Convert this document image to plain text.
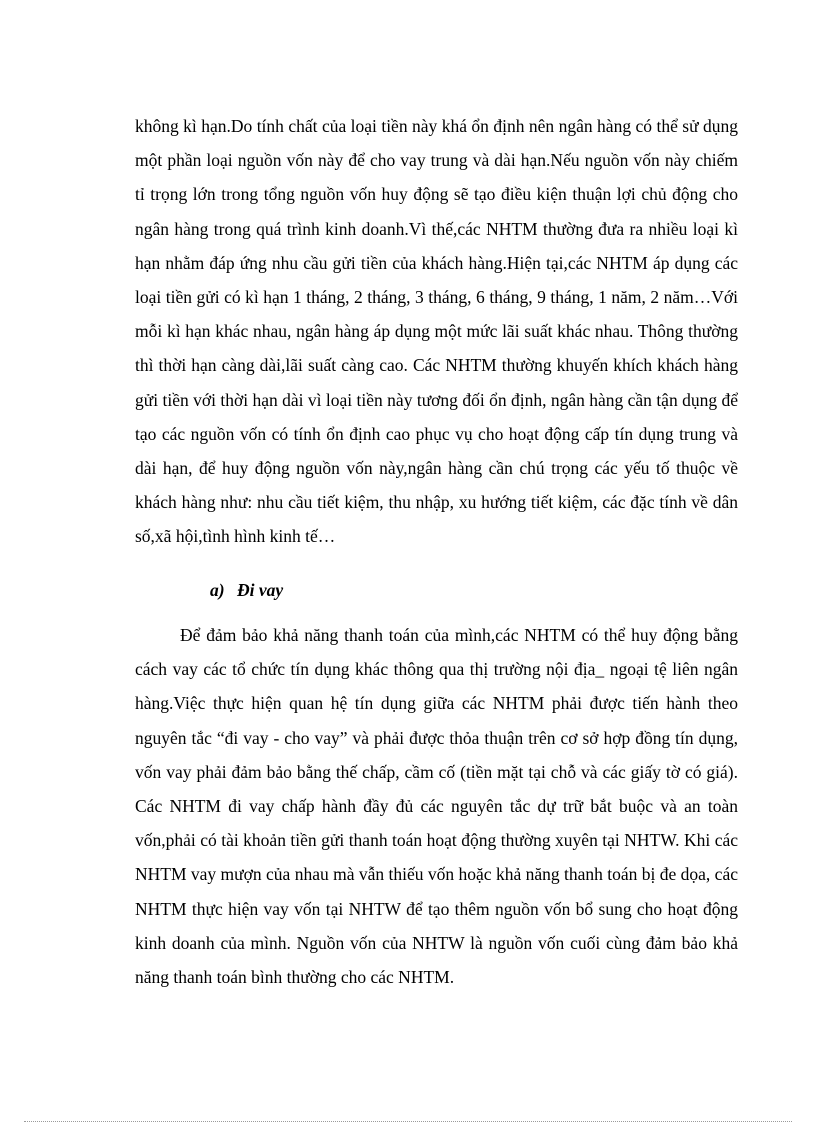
không kì hạn.Do tính chất của loại tiền này khá ổn định nên ngân hàng có thể sử dụng một phần loại nguồn vốn này để cho vay trung và dài hạn.Nếu nguồn vốn này chiếm tỉ trọng lớn trong tổng nguồn vốn huy động sẽ tạo điều kiện thuận lợi chủ động cho ngân hàng trong quá trình kinh doanh.Vì thế,các NHTM thường đưa ra nhiều loại kì hạn nhằm đáp ứng nhu cầu gửi tiền của khách hàng.Hiện tại,các NHTM áp dụng các loại tiền gửi có kì hạn 1 tháng, 2 tháng, 3 tháng, 6 tháng, 9 tháng, 1 năm, 2 năm…Với mỗi kì hạn khác nhau, ngân hàng áp dụng một mức lãi suất khác nhau. Thông thường thì thời hạn càng dài,lãi suất càng cao. Các NHTM thường khuyến khích khách hàng gửi tiền với thời hạn dài vì loại tiền này tương đối ổn định, ngân hàng cần tận dụng để tạo các nguồn vốn có tính ổn định cao phục vụ cho hoạt động cấp tín dụng trung và dài hạn, để huy động nguồn vốn này,ngân hàng cần chú trọng các yếu tố thuộc về khách hàng như: nhu cầu tiết kiệm, thu nhập, xu hướng tiết kiệm, các đặc tính về dân số,xã hội,tình hình kinh tế…

a) Đi vay

Để đảm bảo khả năng thanh toán của mình,các NHTM có thể huy động bằng cách vay các tổ chức tín dụng khác thông qua thị trường nội địa_ ngoại tệ liên ngân hàng.Việc thực hiện quan hệ tín dụng giữa các NHTM phải được tiến hành theo nguyên tắc “đi vay - cho vay” và phải được thỏa thuận trên cơ sở hợp đồng tín dụng, vốn vay phải đảm bảo bằng thế chấp, cầm cố (tiền mặt tại chỗ và các giấy tờ có giá). Các NHTM đi vay chấp hành đầy đủ các nguyên tắc dự trữ bắt buộc và an toàn vốn,phải có tài khoản tiền gửi thanh toán hoạt động thường xuyên tại NHTW. Khi các NHTM vay mượn của nhau mà vẫn thiếu vốn hoặc khả năng thanh toán bị đe dọa, các NHTM thực hiện vay vốn tại NHTW để tạo thêm nguồn vốn bổ sung cho hoạt động kinh doanh của mình. Nguồn vốn của NHTW là nguồn vốn cuối cùng đảm bảo khả năng thanh toán bình thường cho các NHTM.
